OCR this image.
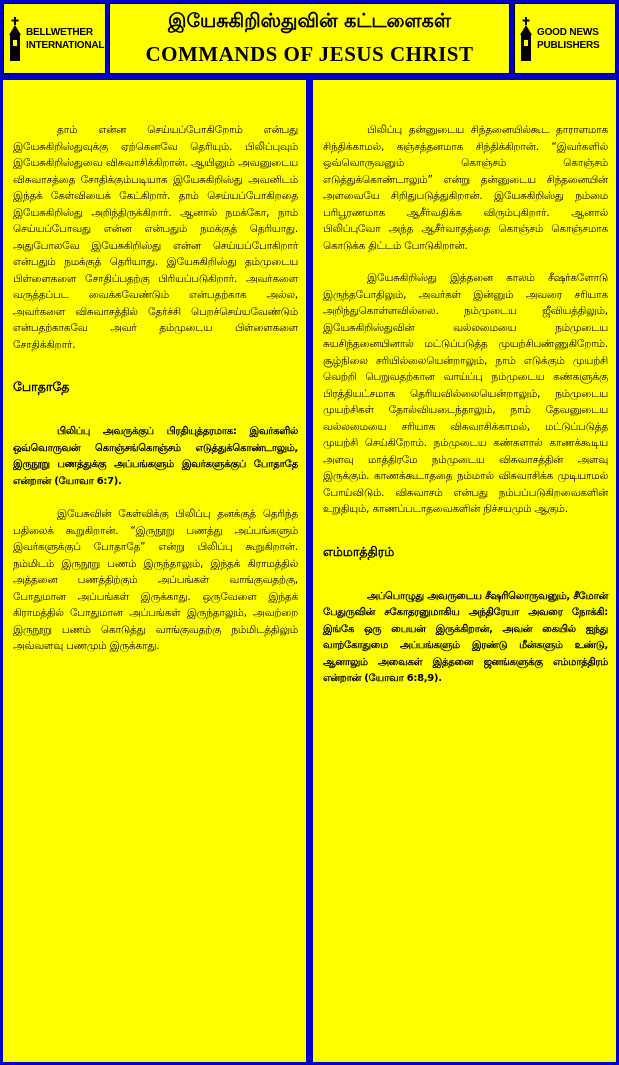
BELLWETHER
INTERNATIONAL
இயேசுகிறிஸ்துவின் கட்டளைகள்
COMMANDS OF JESUS CHRIST
GOOD NEWS
PUBLISHERS

தாம் என்ன செய்யப்போகிறோம் என்பது இயேசுகிறிஸ்துவுக்கு ஏற்கெனவே தெரியும். பிலிப்புவும் இயேசுகிறிஸ்துவை விசுவாசிக்கிறான். ஆயினும் அவனுடைய விசுவாசத்தை சோதிக்கும்படியாக இயேசுகிறிஸ்து அவனிடம் இந்தக் கேள்வியைக் கேட்கிறார். தாம் செய்யப்போகிறதை இயேசுகிறிஸ்து அறிந்திருக்கிறார். ஆனால் நமக்கோ, நாம் செய்யப்போவது என்ன என்பதும் நமக்குத் தெரியாது. அதுபோலவே இயேசுகிறிஸ்து என்ன செய்யப்போகிறார் என்பதும் நமக்குத் தெரியாது. இயேசுகிறிஸ்து தம்முடைய பிள்ளைகளை சோதிப்பதற்கு பிரியப்படுகிறார். அவர்களை வருத்தப்பட வைக்கவேண்டும் என்பதற்காக அல்ல, அவர்களை விசுவாசத்தில் தேர்ச்சி பெறச்செய்யவேண்டும் என்பதற்காகவே அவர் தம்முடைய பிள்ளைகளை சோதிக்கிறார்.

போதாதே

பிலிப்பு அவருக்குப் பிரதியுத்தரமாக: இவர்களில் ஒவ்வொருவன் கொஞ்சங்கொஞ்சம் எடுத்துக்கொண்டாலும், இருநூறு பணத்துக்கு அப்பங்களும் இவர்களுக்குப் போதாதே என்றான் (யோவா 6:7).

இயேசுவின் கேள்விக்கு பிலிப்பு தனக்குத் தெரிந்த பதிலைக் கூறுகிறான். “இருநூறு பணத்து அப்பங்களும் இவர்களுக்குப் போதாதே” என்று பிலிப்பு கூறுகிறான். நம்மிடம் இருநூறு பணம் இருந்தாலும், இந்தக் கிராமத்தில் அத்தனை பணத்திற்கும் அப்பங்கள் வாங்குவதற்கு, போதுமான அப்பங்கள் இருக்காது. ஒருவேளை இந்தக் கிராமத்தில் போதுமான அப்பங்கள் இருந்தாலும், அவற்றை இருநூறு பணம் கொடுத்து வாங்குவதற்கு நம்மிடத்திலும் அவ்வளவு பணமும் இருக்காது.

பிலிப்பு தன்னுடைய சிந்தனையில்கூட தாராளமாக சிந்திக்காமல், கஞ்சத்தனமாக சிந்திக்கிறான். “இவர்களில் ஒவ்வொருவனும் கொஞ்சம் கொஞ்சம் எடுத்துக்கொண்டாலும்” என்று தன்னுடைய சிந்தனையின் அளவையே சிறிதுபடுத்துகிறான். இயேசுகிறிஸ்து நம்மை பரிபூரணமாக ஆசீர்வதிக்க விரும்புகிறார். ஆனால் பிலிப்புவோ அந்த ஆசீர்வாதத்தை கொஞ்சம் கொஞ்சமாக கொடுக்க திட்டம் போடுகிறான்.

இயேசுகிறிஸ்து இத்தனை காலம் சீஷர்களோடு இருந்தபோதிலும், அவர்கள் இன்னும் அவரை சரியாக அறிந்துகொள்ளவில்லை. நம்முடைய ஜீவியத்திலும், இயேசுகிறிஸ்துவின் வல்லமையை நம்முடைய சுயசிந்தனையினால் மட்டுப்படுத்த முயற்சிபண்ணுகிறோம். சூழ்நிலை சரியில்லையென்றாலும், நாம் எடுக்கும் முயற்சி வெற்றி பெறுவதற்கான வாய்ப்பு நம்முடைய கண்களுக்கு பிரத்தியட்சமாக தெரியவில்லையென்றாலும், நம்முடைய முயற்சிகள் தோல்வியடைந்தாலும், நாம் தேவனுடைய வல்லமையை சரியாக விசுவாசிக்காமல், மட்டுப்படுத்த முயற்சி செய்கிறோம். நம்முடைய கண்களால் காணக்கூடிய அளவு மாத்திரமே நம்முடைய விசுவாசத்தின் அளவு இருக்கும். காணக்கூடாததை நம்மால் விசுவாசிக்க முடியாமல் போய்விடும். விசுவாசம் என்பது நம்பப்படுகிறவைகளின் உறுதியும், காணப்படாதவைகளின் நிச்சயமும் ஆகும்.

எம்மாத்திரம்

அப்பொழுது அவருடைய சீஷரிலொருவனும், சீமோன் பேதுருவின் சகோதரனுமாகிய அந்திரேயா அவரை நோக்கி: இங்கே ஒரு பையன் இருக்கிறான், அவன் கையில் ஐந்து வாற்கோதுமை அப்பங்களும் இரண்டு மீன்களும் உண்டு, ஆனாலும் அவைகள் இத்தனை ஜனங்களுக்கு எம்மாத்திரம் என்றான் (யோவா 6:8,9).
